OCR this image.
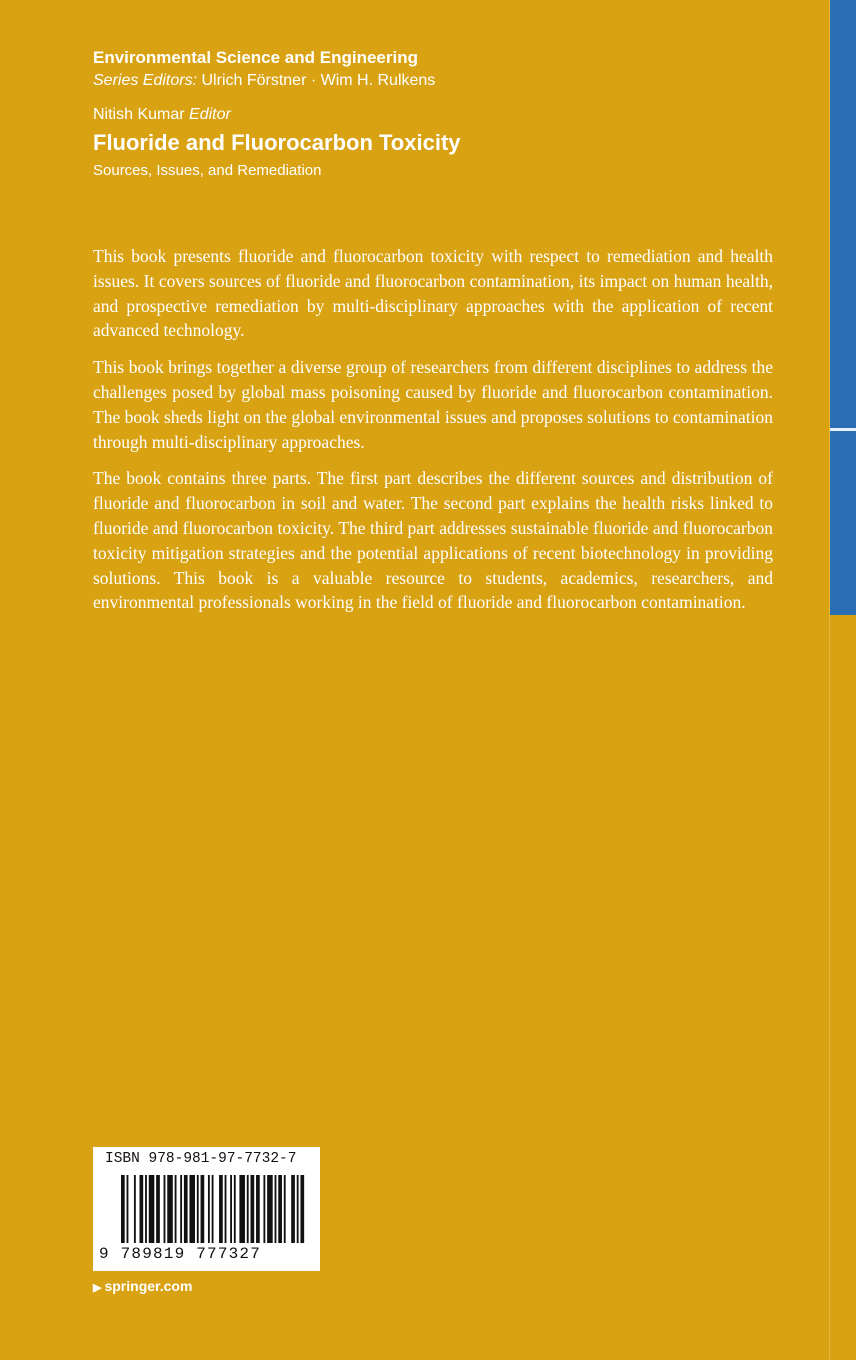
Environmental Science and Engineering

Series Editors: Ulrich Förstner · Wim H. Rulkens

Nitish Kumar Editor

Fluoride and Fluorocarbon Toxicity

Sources, Issues, and Remediation

This book presents fluoride and fluorocarbon toxicity with respect to remediation and health issues. It covers sources of fluoride and fluorocarbon contamination, its impact on human health, and prospective remediation by multi-disciplinary approaches with the application of recent advanced technology.

This book brings together a diverse group of researchers from different disciplines to address the challenges posed by global mass poisoning caused by fluoride and fluorocarbon contamination. The book sheds light on the global environmental issues and proposes solutions to contamination through multi-disciplinary approaches.

The book contains three parts. The first part describes the different sources and distribution of fluoride and fluorocarbon in soil and water. The second part explains the health risks linked to fluoride and fluorocarbon toxicity. The third part addresses sustainable fluoride and fluorocarbon toxicity mitigation strategies and the potential applications of recent biotechnology in providing solutions. This book is a valuable resource to students, academics, researchers, and environmental professionals working in the field of fluoride and fluorocarbon contamination.

ISBN 978-981-97-7732-7
9 789819 777327
▶ springer.com
